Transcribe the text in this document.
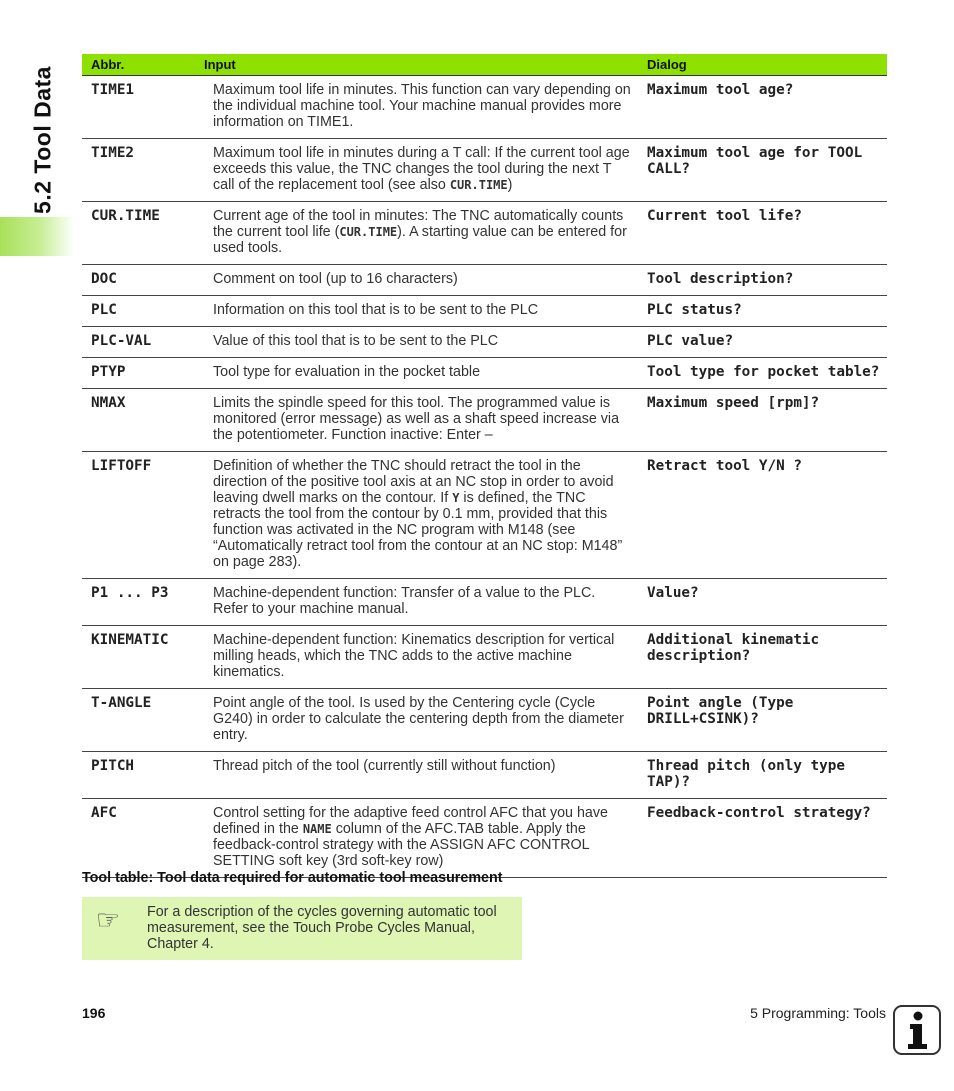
5.2 Tool Data
Abbr.	Input	Dialog
TIME1	Maximum tool life in minutes. This function can vary depending on the individual machine tool. Your machine manual provides more information on TIME1.	Maximum tool age?
TIME2	Maximum tool life in minutes during a T call: If the current tool age exceeds this value, the TNC changes the tool during the next T call of the replacement tool (see also CUR.TIME)	Maximum tool age for TOOL CALL?
CUR.TIME	Current age of the tool in minutes: The TNC automatically counts the current tool life (CUR.TIME). A starting value can be entered for used tools.	Current tool life?
DOC	Comment on tool (up to 16 characters)	Tool description?
PLC	Information on this tool that is to be sent to the PLC	PLC status?
PLC-VAL	Value of this tool that is to be sent to the PLC	PLC value?
PTYP	Tool type for evaluation in the pocket table	Tool type for pocket table?
NMAX	Limits the spindle speed for this tool. The programmed value is monitored (error message) as well as a shaft speed increase via the potentiometer. Function inactive: Enter –	Maximum speed [rpm]?
LIFTOFF	Definition of whether the TNC should retract the tool in the direction of the positive tool axis at an NC stop in order to avoid leaving dwell marks on the contour. If Y is defined, the TNC retracts the tool from the contour by 0.1 mm, provided that this function was activated in the NC program with M148 (see “Automatically retract tool from the contour at an NC stop: M148” on page 283).	Retract tool Y/N ?
P1 ... P3	Machine-dependent function: Transfer of a value to the PLC. Refer to your machine manual.	Value?
KINEMATIC	Machine-dependent function: Kinematics description for vertical milling heads, which the TNC adds to the active machine kinematics.	Additional kinematic description?
T-ANGLE	Point angle of the tool. Is used by the Centering cycle (Cycle G240) in order to calculate the centering depth from the diameter entry.	Point angle (Type DRILL+CSINK)?
PITCH	Thread pitch of the tool (currently still without function)	Thread pitch (only type TAP)?
AFC	Control setting for the adaptive feed control AFC that you have defined in the NAME column of the AFC.TAB table. Apply the feedback-control strategy with the ASSIGN AFC CONTROL SETTING soft key (3rd soft-key row)	Feedback-control strategy?
Tool table: Tool data required for automatic tool measurement
☞	For a description of the cycles governing automatic tool measurement, see the Touch Probe Cycles Manual, Chapter 4.
196	5 Programming: Tools
